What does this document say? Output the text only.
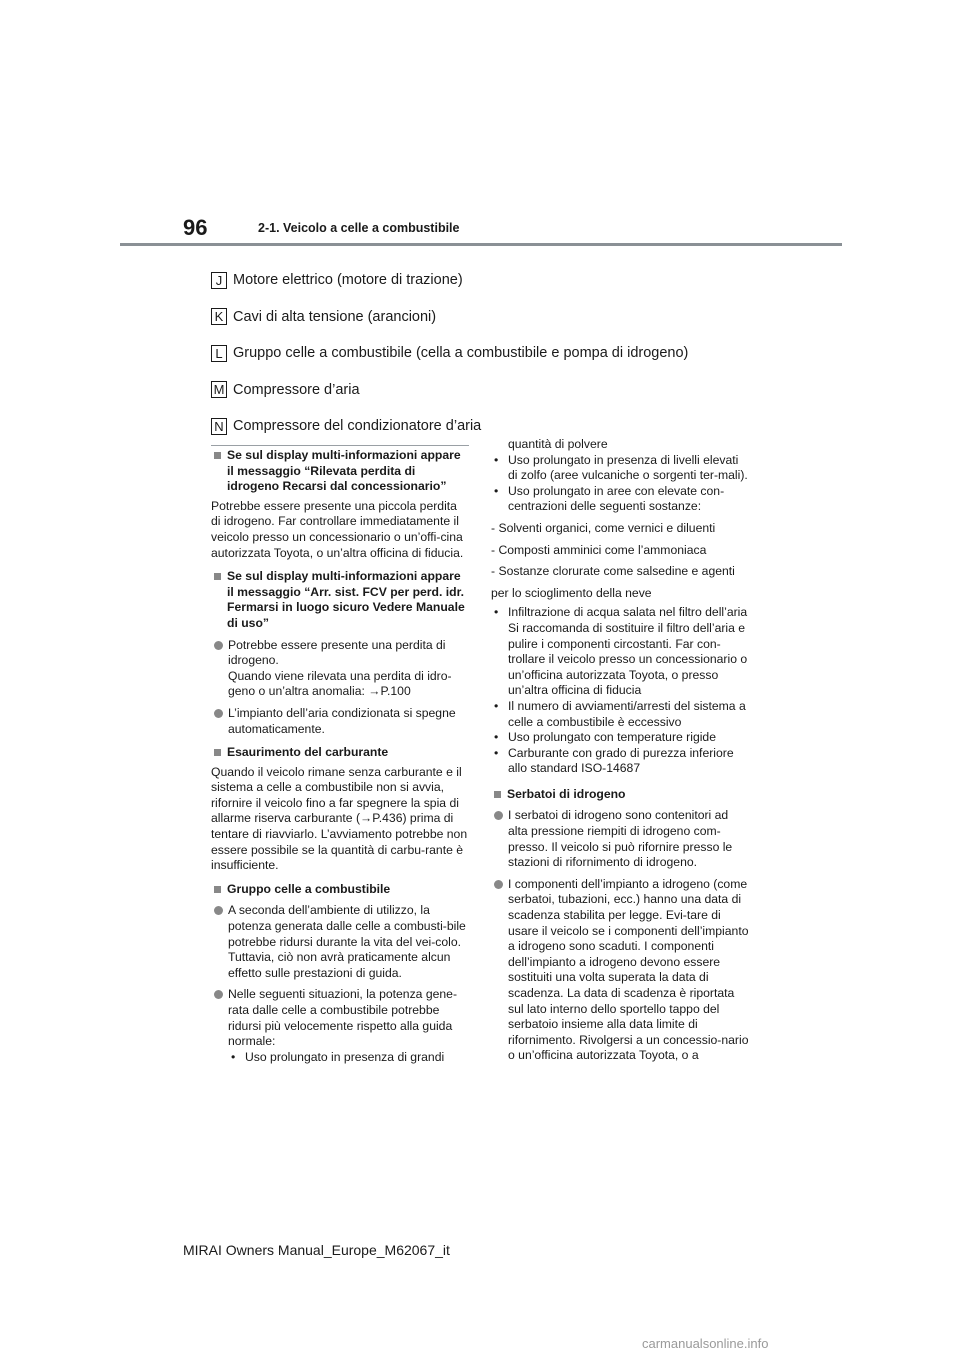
96	2-1. Veicolo a celle a combustibile
J Motore elettrico (motore di trazione)
K Cavi di alta tensione (arancioni)
L Gruppo celle a combustibile (cella a combustibile e pompa di idrogeno)
M Compressore d’aria
N Compressore del condizionatore d’aria
Se sul display multi-informazioni appare il messaggio “Rilevata perdita di idrogeno Recarsi dal concessionario”
Potrebbe essere presente una piccola perdita di idrogeno. Far controllare immediatamente il veicolo presso un concessionario o un’offi-cina autorizzata Toyota, o un’altra officina di fiducia.
Se sul display multi-informazioni appare il messaggio “Arr. sist. FCV per perd. idr. Fermarsi in luogo sicuro Vedere Manuale di uso”
Potrebbe essere presente una perdita di idrogeno.
Quando viene rilevata una perdita di idro-geno o un’altra anomalia: →P.100
L’impianto dell’aria condizionata si spegne automaticamente.
Esaurimento del carburante
Quando il veicolo rimane senza carburante e il sistema a celle a combustibile non si avvia, rifornire il veicolo fino a far spegnere la spia di allarme riserva carburante (→P.436) prima di tentare di riavviarlo. L’avviamento potrebbe non essere possibile se la quantità di carbu-rante è insufficiente.
Gruppo celle a combustibile
A seconda dell’ambiente di utilizzo, la potenza generata dalle celle a combusti-bile potrebbe ridursi durante la vita del vei-colo. Tuttavia, ciò non avrà praticamente alcun effetto sulle prestazioni di guida.
Nelle seguenti situazioni, la potenza gene-rata dalle celle a combustibile potrebbe ridursi più velocemente rispetto alla guida normale:
• Uso prolungato in presenza di grandi
quantità di polvere
• Uso prolungato in presenza di livelli elevati di zolfo (aree vulcaniche o sorgenti ter-mali).
• Uso prolungato in aree con elevate con-centrazioni delle seguenti sostanze:
- Solventi organici, come vernici e diluenti
- Composti amminici come l’ammoniaca
- Sostanze clorurate come salsedine e agenti
per lo scioglimento della neve
• Infiltrazione di acqua salata nel filtro dell’aria
Si raccomanda di sostituire il filtro dell’aria e pulire i componenti circostanti. Far con-trollare il veicolo presso un concessionario o un’officina autorizzata Toyota, o presso un’altra officina di fiducia
• Il numero di avviamenti/arresti del sistema a celle a combustibile è eccessivo
• Uso prolungato con temperature rigide
• Carburante con grado di purezza inferiore allo standard ISO-14687
Serbatoi di idrogeno
I serbatoi di idrogeno sono contenitori ad alta pressione riempiti di idrogeno com-presso. Il veicolo si può rifornire presso le stazioni di rifornimento di idrogeno.
I componenti dell’impianto a idrogeno (come serbatoi, tubazioni, ecc.) hanno una data di scadenza stabilita per legge. Evi-tare di usare il veicolo se i componenti dell’impianto a idrogeno sono scaduti. I componenti dell’impianto a idrogeno devono essere sostituiti una volta superata la data di scadenza. La data di scadenza è riportata sul lato interno dello sportello tappo del serbatoio insieme alla data limite di rifornimento. Rivolgersi a un concessio-nario o un’officina autorizzata Toyota, o a
MIRAI Owners Manual_Europe_M62067_it
carmanualsonline.info
